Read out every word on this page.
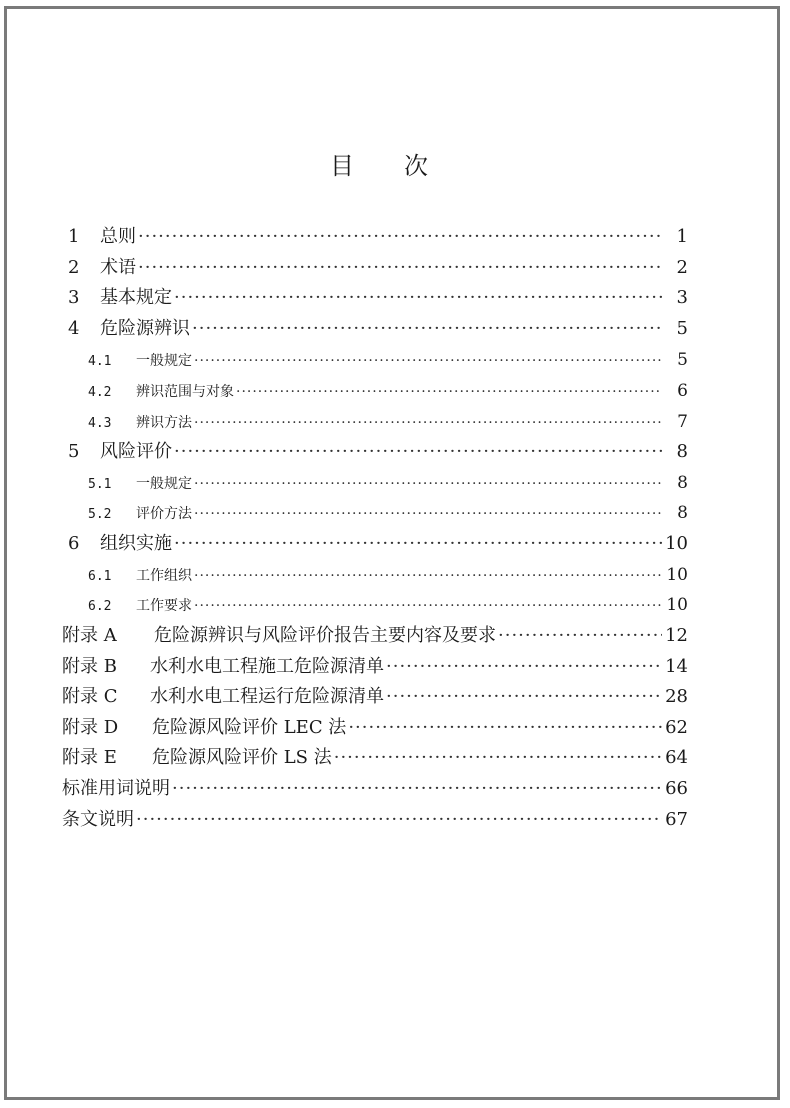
目 次
1	总则 ·····	1
2	术语 ·····	2
3	基本规定 ·····	3
4	危险源辨识 ·····	5
4.1	一般规定 ·····	5
4.2	辨识范围与对象 ·····	6
4.3	辨识方法 ·····	7
5	风险评价 ·····	8
5.1	一般规定 ·····	8
5.2	评价方法 ·····	8
6	组织实施 ·····	10
6.1	工作组织 ·····	10
6.2	工作要求 ·····	10
附录 A	危险源辨识与风险评价报告主要内容及要求 ·····	12
附录 B	水利水电工程施工危险源清单 ·····	14
附录 C	水利水电工程运行危险源清单 ·····	28
附录 D	危险源风险评价 LEC 法 ·····	62
附录 E	危险源风险评价 LS 法 ·····	64
标准用词说明 ·····	66
条文说明 ·····	67
